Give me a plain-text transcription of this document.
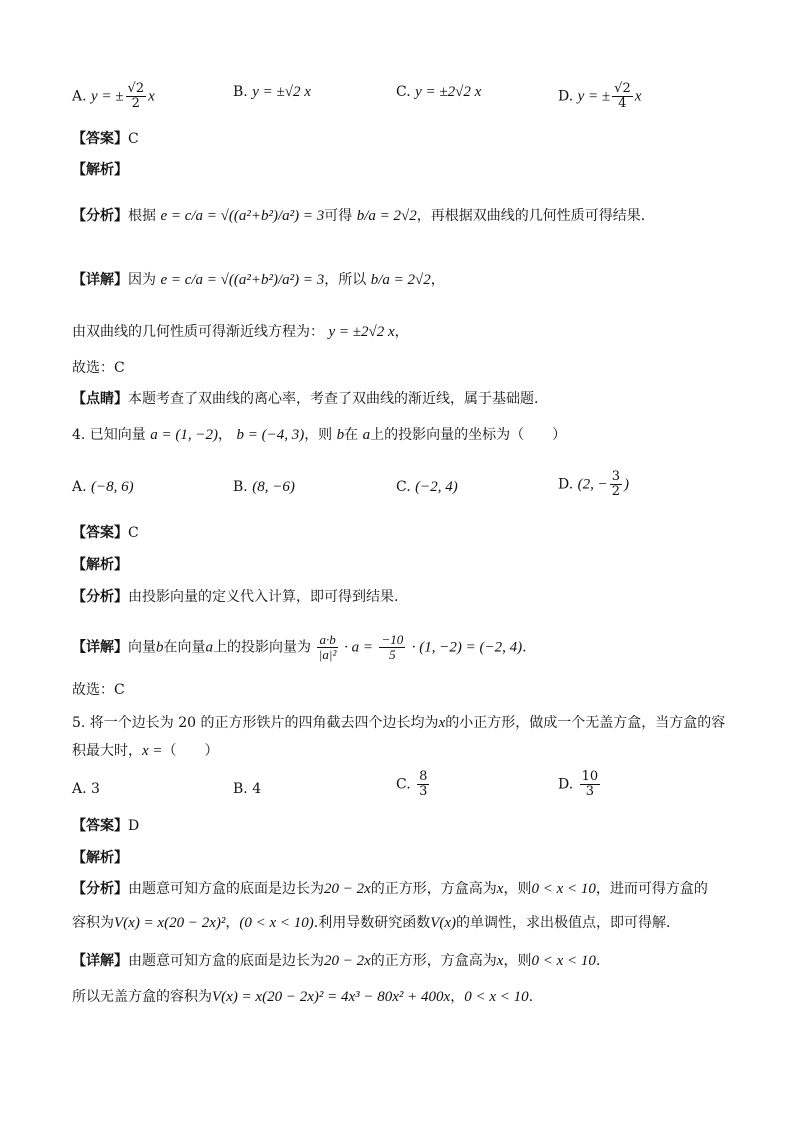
A. y = ± $\frac{√2}{2}$ x	B. y = ±√2 x	C. y = ±2√2 x	D. y = ± $\frac{√2}{4}$ x
【答案】C
【解析】
【分析】根据 e = c/a = √((a²+b²)/a²) = 3可得 b/a = 2√2，再根据双曲线的几何性质可得结果.
【详解】因为 e = c/a = √((a²+b²)/a²) = 3，所以 b/a = 2√2，
由双曲线的几何性质可得渐近线方程为： y = ±2√2 x，
故选：C
【点睛】本题考查了双曲线的离心率，考查了双曲线的渐近线，属于基础题.
4. 已知向量 a = (1, −2)， b = (−4, 3)，则 b在 a上的投影向量的坐标为（　　）
A. (−8, 6)	B. (8, −6)	C. (−2, 4)	D. (2, − $\frac{3}{2}$ )
【答案】C
【解析】
【分析】由投影向量的定义代入计算，即可得到结果.
【详解】向量b在向量a上的投影向量为 $\frac{a\cdot b}{\text{|a|²}} \cdot a = \frac{-10}{5} \cdot (1$, −2) = (−2, 4).
故选：C
5. 将一个边长为 20 的正方形铁片的四角截去四个边长均为x的小正方形，做成一个无盖方盒，当方盒的容
积最大时，x =（　　）
A. 3	B. 4	C. $\frac{8}{3}$	D. $\frac{10}{3}$
【答案】D
【解析】
【分析】由题意可知方盒的底面是边长为20 − 2x的正方形，方盒高为x，则0 < x < 10，进而可得方盒的
容积为V(x) = x(20 − 2x)²，(0 < x < 10).利用导数研究函数V(x)的单调性，求出极值点，即可得解.
【详解】由题意可知方盒的底面是边长为20 − 2x的正方形，方盒高为x，则0 < x < 10.
所以无盖方盒的容积为V(x) = x(20 − 2x)² = 4x³ − 80x² + 400x，0 < x < 10.
